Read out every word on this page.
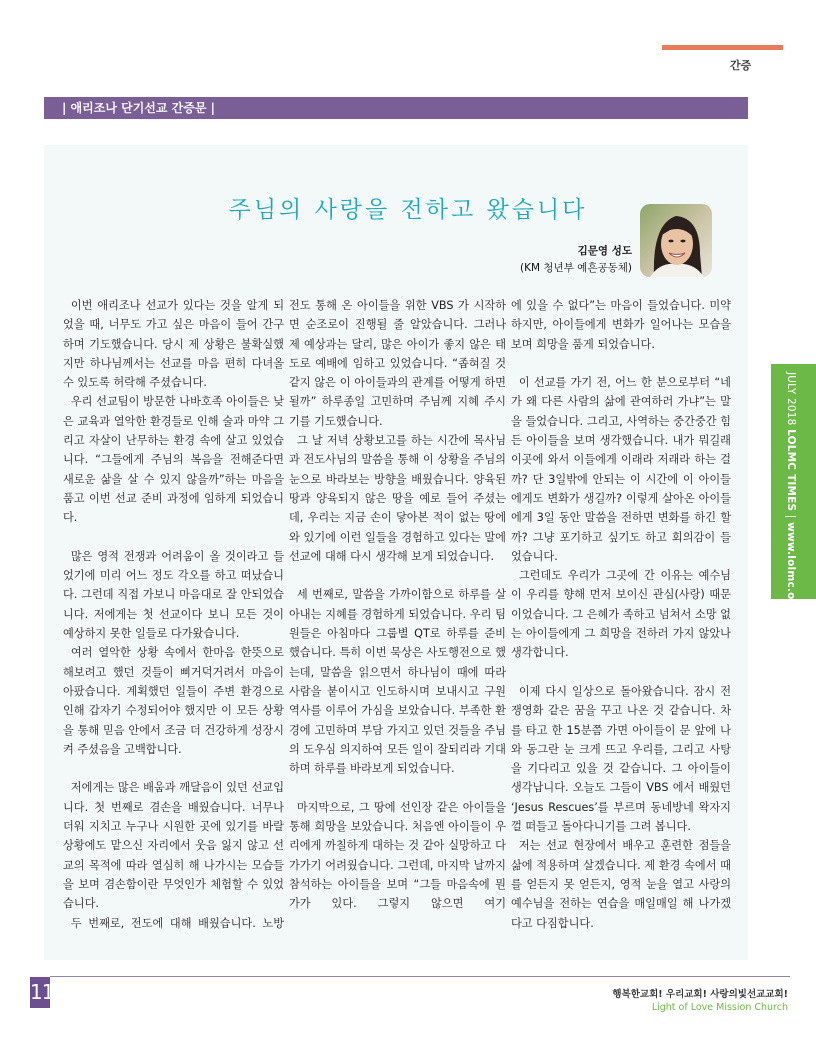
간증
| 애리조나 단기선교 간증문 |
주님의 사랑을 전하고 왔습니다
김문영 성도
(KM 청년부 예흔공동체)

이번 애리조나 선교가 있다는 것을 알게 되었을 때, 너무도 가고 싶은 마음이 들어 간구하며 기도했습니다. 당시 제 상황은 불확실했지만 하나님께서는 선교를 마음 편히 다녀올 수 있도록 허락해 주셨습니다.

우리 선교팀이 방문한 나바호족 아이들은 낮은 교육과 열악한 환경들로 인해 술과 마약 그리고 자살이 난무하는 환경 속에 살고 있었습니다. “그들에게 주님의 복음을 전해준다면 새로운 삶을 살 수 있지 않을까”하는 마음을 품고 이번 선교 준비 과정에 임하게 되었습니다.

많은 영적 전쟁과 어려움이 올 것이라고 들었기에 미리 어느 정도 각오를 하고 떠났습니다. 그런데 직접 가보니 마음대로 잘 안되었습니다. 저에게는 첫 선교이다 보니 모든 것이 예상하지 못한 일들로 다가왔습니다.

여러 열악한 상황 속에서 한마음 한뜻으로 해보려고 했던 것들이 삐거덕거려서 마음이 아팠습니다. 계획했던 일들이 주변 환경으로 인해 갑자기 수정되어야 했지만 이 모든 상황을 통해 믿음 안에서 조금 더 건강하게 성장시켜 주셨음을 고백합니다.

저에게는 많은 배움과 깨달음이 있던 선교입니다. 첫 번째로 겸손을 배웠습니다. 너무나 더워 지치고 누구나 시원한 곳에 있기를 바랄 상황에도 맡으신 자리에서 웃음 잃지 않고 선교의 목적에 따라 열심히 해 나가시는 모습들을 보며 겸손함이란 무엇인가 체험할 수 있었습니다.

두 번째로, 전도에 대해 배웠습니다. 노방

전도 통해 온 아이들을 위한 VBS 가 시작하면 순조로이 진행될 줄 알았습니다. 그러나 제 예상과는 달리, 많은 아이가 좋지 않은 태도로 예배에 임하고 있었습니다. “좁혀질 것 같지 않은 이 아이들과의 관계를 어떻게 하면 될까” 하루종일 고민하며 주님께 지혜 주시기를 기도했습니다.

그 날 저녁 상황보고를 하는 시간에 목사님과 전도사님의 말씀을 통해 이 상황을 주님의 눈으로 바라보는 방향을 배웠습니다. 양육된 땅과 양육되지 않은 땅을 예로 들어 주셨는데, 우리는 지금 손이 닿아본 적이 없는 땅에 와 있기에 이런 일들을 경험하고 있다는 말에 선교에 대해 다시 생각해 보게 되었습니다.

세 번째로, 말씀을 가까이함으로 하루를 살아내는 지혜를 경험하게 되었습니다. 우리 팀원들은 아침마다 그룹별 QT로 하루를 준비했습니다. 특히 이번 묵상은 사도행전으로 했는데, 말씀을 읽으면서 하나님이 때에 따라 사람을 붙이시고 인도하시며 보내시고 구원 역사를 이루어 가심을 보았습니다. 부족한 환경에 고민하며 부담 가지고 있던 것들을 주님의 도우심 의지하여 모든 일이 잘되리라 기대하며 하루를 바라보게 되었습니다.

마지막으로, 그 땅에 선인장 같은 아이들을 통해 희망을 보았습니다. 처음엔 아이들이 우리에게 까칠하게 대하는 것 같아 실망하고 다가가기 어려웠습니다. 그런데, 마지막 날까지 참석하는 아이들을 보며 “그들 마음속에 뭔가가 있다. 그렇지 않으면 여기

에 있을 수 없다”는 마음이 들었습니다. 미약하지만, 아이들에게 변화가 일어나는 모습을 보며 희망을 품게 되었습니다.

이 선교를 가기 전, 어느 한 분으로부터 “네가 왜 다른 사람의 삶에 관여하러 가냐”는 말을 들었습니다. 그리고, 사역하는 중간중간 힘든 아이들을 보며 생각했습니다. 내가 뭐길래 이곳에 와서 이들에게 이래라 저래라 하는 걸까? 단 3일밖에 안되는 이 시간에 이 아이들에게도 변화가 생길까? 이렇게 살아온 아이들에게 3일 동안 말씀을 전하면 변화를 하긴 할까? 그냥 포기하고 싶기도 하고 회의감이 들었습니다.

그런데도 우리가 그곳에 간 이유는 예수님이 우리를 향해 먼저 보이신 관심(사랑) 때문이었습니다. 그 은혜가 족하고 넘쳐서 소망 없는 아이들에게 그 희망을 전하러 가지 않았나 생각합니다.

이제 다시 일상으로 돌아왔습니다. 잠시 전쟁영화 같은 꿈을 꾸고 나온 것 같습니다. 차를 타고 한 15분쯤 가면 아이들이 문 앞에 나와 동그란 눈 크게 뜨고 우리를, 그리고 사탕을 기다리고 있을 것 같습니다. 그 아이들이 생각납니다. 오늘도 그들이 VBS 에서 배웠던 ‘Jesus Rescues’를 부르며 동네방네 왁자지껄 떠들고 돌아다니기를 그려 봅니다.

저는 선교 현장에서 배우고 훈련한 점들을 삶에 적용하며 살겠습니다. 제 환경 속에서 때를 얻든지 못 얻든지, 영적 눈을 열고 사랑의 예수님을 전하는 연습을 매일매일 해 나가겠다고 다짐합니다.

JULY 2018 LOLMC TIMES | www.lolmc.org
11	행복한교회! 우리교회! 사랑의빛선교교회!
Light of Love Mission Church
